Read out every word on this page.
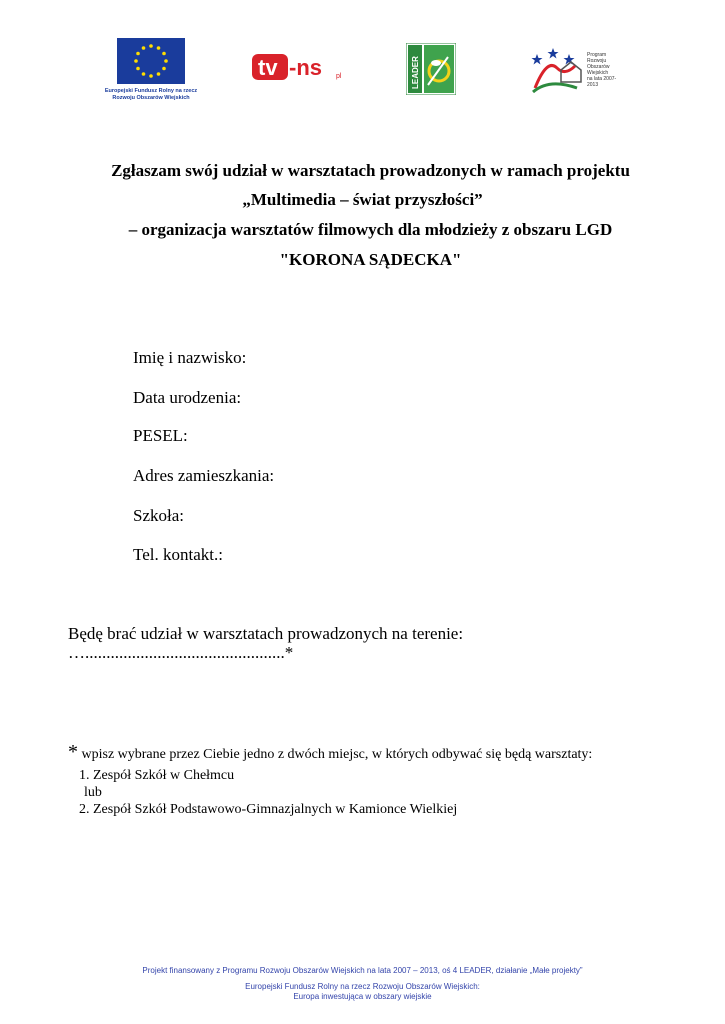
Europejski Fundusz Rolny na rzecz
Rozwoju Obszarów Wiejskich
tv -ns pl	LEADER
Program
Rozwoju
Obszarów
Wiejskich
na lata 2007-2013
Zgłaszam swój udział w warsztatach prowadzonych w ramach projektu
„Multimedia – świat przyszłości”
– organizacja warsztatów filmowych dla młodzieży z obszaru LGD
"KORONA SĄDECKA"
Imię i nazwisko:
Data urodzenia:
PESEL:
Adres zamieszkania:
Szkoła:
Tel. kontakt.:
Będę brać udział w warsztatach prowadzonych na terenie:
…...............................................*
* wpisz wybrane przez Ciebie jedno z dwóch miejsc, w których odbywać się będą warsztaty:
1. Zespół Szkół w Chełmcu
lub
2. Zespół Szkół Podstawowo-Gimnazjalnych w Kamionce Wielkiej
Projekt finansowany z Programu Rozwoju Obszarów Wiejskich na lata 2007 – 2013, oś 4 LEADER, działanie „Małe projekty”
Europejski Fundusz Rolny na rzecz Rozwoju Obszarów Wiejskich:
Europa inwestująca w obszary wiejskie
